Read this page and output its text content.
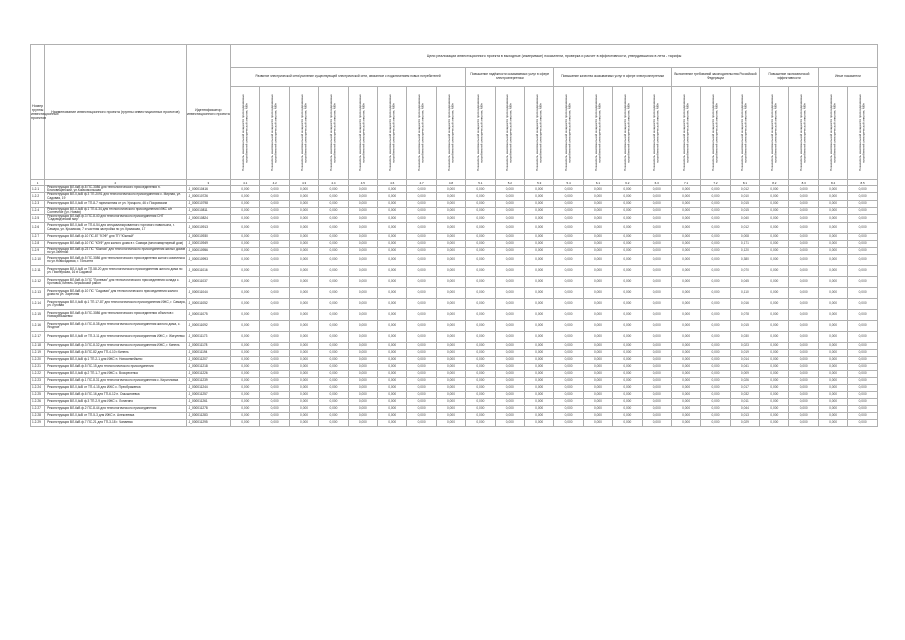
Номер группы инвестиционных проектов	Наименование инвестиционного проекта (группы инвестиционных проектов)	Идентификатор инвестиционного проекта	Цели реализации инвестиционного проекта в выходные (измеримые) показатели, проверка и расчет в эффективности, утвердившихся в лета - тарифы																					
			Развитие электрической сети/усиление существующей электрической сети, связанное с подключением новых потребителей								Повышение надёжности оказываемых услуг в сфере электроэнергетики			Повышение качества оказываемых услуг в сфере электроэнергетики				Выполнение требований законодательства Российской Федерации			Повышение экономической эффективности		Иные показатели	

			Показатель максимальной мощности присоединяемых потребителей электрической энергии, МВт	Показатель максимальной мощности присоединяемых потребителей электрической энергии, МВт	Показатель максимальной мощности присоединяемых потребителей электрической энергии, МВт	Показатель максимальной мощности присоединяемых потребителей электрической энергии, МВт	Показатель максимальной мощности присоединяемых потребителей электрической энергии, МВт	Показатель максимальной мощности присоединяемых потребителей электрической энергии, МВт	Показатель максимальной мощности присоединяемых потребителей электрической энергии, МВт	Показатель максимальной мощности присоединяемых потребителей электрической энергии, МВт	Показатель максимальной мощности присоединяемых потребителей электрической энергии, МВт	Показатель максимальной мощности присоединяемых потребителей электрической энергии, МВт	Показатель максимальной мощности присоединяемых потребителей электрической энергии, МВт	Показатель максимальной мощности присоединяемых потребителей электрической энергии, МВт	Показатель максимальной мощности присоединяемых потребителей электрической энергии, МВт	Показатель максимальной мощности присоединяемых потребителей электрической энергии, МВт	Показатель максимальной мощности присоединяемых потребителей электрической энергии, МВт	Показатель максимальной мощности присоединяемых потребителей электрической энергии, МВт	Показатель максимальной мощности присоединяемых потребителей электрической энергии, МВт	Показатель максимальной мощности присоединяемых потребителей электрической энергии, МВт	Показатель максимальной мощности присоединяемых потребителей электрической энергии, МВт	Показатель максимальной мощности присоединяемых потребителей электрической энергии, МВт	Показатель максимальной мощности присоединяемых потребителей электрической энергии, МВт	Показатель максимальной мощности присоединяемых потребителей электрической энергии, МВт

1	2	3	4.1	4.2	4.3	4.4	4.5	4.6	4.7	4.8	5.1	5.2	5.3	5.4	6.1	6.2	6.3	7.1	7.2	8.1	8.2	8.3	8.4	8.5
1.2.1	Реконструкция ВЛ-6кВ ф.8 ПС-3086 для технологического присоединения п. Благовещенский, ул.Комсомольская	J_000010416	0,000	0,000	0,000	0,000	0,000	0,000	0,000	0,000	0,000	0,000	0,000	0,000	0,000	0,000	0,000	0,000	0,000	0,012	0,000	0,000	0,000	0,000
1.2.2	Реконструкция ВЛ-0,4кВ ф.3 ТП-2091 для технологического присоединения с. Мирная, ул. Садовая, 19	J_000010726	0,000	0,000	0,000	0,000	0,000	0,000	0,000	0,000	0,000	0,000	0,000	0,000	0,000	0,000	0,000	0,000	0,000	0,010	0,000	0,000	0,000	0,000
1.2.3	Реконструкция ВЛ-0,4кВ от ТП-8-7 гарнизонная от ул. Урицкого, 46 с Покровским	J_000010798	0,000	0,000	0,000	0,000	0,000	0,000	0,000	0,000	0,000	0,000	0,000	0,000	0,000	0,000	0,000	0,000	0,000	0,015	0,000	0,000	0,000	0,000
1.2.4	Реконструкция ВЛ-0,4кВ ф.1 ТП-6-34 для технологического присоединения ИЖС с/п Солнечное (ул. Новая)	J_000010811	0,000	0,000	0,000	0,000	0,000	0,000	0,000	0,000	0,000	0,000	0,000	0,000	0,000	0,000	0,000	0,000	0,000	0,015	0,000	0,000	0,000	0,000
1.2.5	Реконструкция ВЛ-6кВ ф.3 ПС-8-40 для технологического присоединения СНТ "Садоводческий мир"	J_000010824	0,000	0,000	0,000	0,000	0,000	0,000	0,000	0,000	0,000	0,000	0,000	0,000	0,000	0,000	0,000	0,000	0,000	0,040	0,000	0,000	0,000	0,000
1.2.6	Реконструкция ВЛ-0,4кВ от ТП-6-54 для специализированного торгового павильона, г. Самара, ул. Крымская, 7 и частная застройка по ул. Крымская, 17	J_000010913	0,000	0,000	0,000	0,000	0,000	0,000	0,000	0,000	0,000	0,000	0,000	0,000	0,000	0,000	0,000	0,000	0,000	0,012	0,000	0,000	0,000	0,000
1.2.7	Реконструкция ВЛ-6кВ ф.10 ПС-87 "КЭФ" для ТП "Южный"	J_000010930	0,000	0,000	0,000	0,000	0,000	0,000	0,000	0,000	0,000	0,000	0,000	0,000	0,000	0,000	0,000	0,000	0,000	0,008	0,000	0,000	0,000	0,000
1.2.8	Реконструкция ВЛ-6кВ ф.10 ПС "КЭФ" для жилого дома в г. Самара (многоквартирный дом)	J_000010949	0,000	0,000	0,000	0,000	0,000	0,000	0,000	0,000	0,000	0,000	0,000	0,000	0,000	0,000	0,000	0,000	0,000	0,171	0,000	0,000	0,000	0,000
1.2.9	Реконструкция ВЛ-6кВ ф.23 ПС "Южная" для технологического присоединения жилых домов по ул.Зеленой	J_000010956	0,000	0,000	0,000	0,000	0,000	0,000	0,000	0,000	0,000	0,000	0,000	0,000	0,000	0,000	0,000	0,000	0,000	0,120	0,000	0,000	0,000	0,000
1.2.10	Реконструкция ВЛ-6кВ ф.5 ПС-3086 для технологического присоединения жилого комплекса по ул.Новосадовая, г. Тольятти	J_000010993	0,000	0,000	0,000	0,000	0,000	0,000	0,000	0,000	0,000	0,000	0,000	0,000	0,000	0,000	0,000	0,000	0,000	0,380	0,000	0,000	0,000	0,000
1.2.11	Реконструкция ВЛ-0,4кВ от ТП-58-20 для технологического присоединения жилого дома по ул. Пионерская, 16 в Садовой	J_000011016	0,000	0,000	0,000	0,000	0,000	0,000	0,000	0,000	0,000	0,000	0,000	0,000	0,000	0,000	0,000	0,000	0,000	0,070	0,000	0,000	0,000	0,000
1.2.12	Реконструкция ВЛ-6кВ ф.3 ПС "Полевая" для технологического присоединения склада с. Кротовка, Кинель-Черкасский район	J_000011037	0,000	0,000	0,000	0,000	0,000	0,000	0,000	0,000	0,000	0,000	0,000	0,000	0,000	0,000	0,000	0,000	0,000	0,045	0,000	0,000	0,000	0,000
1.2.13	Реконструкция ВЛ-6кВ ф.10 ПС "Садовая" для технологического присоединения жилого дома по ул. Заречная	J_000011044	0,000	0,000	0,000	0,000	0,000	0,000	0,000	0,000	0,000	0,000	0,000	0,000	0,000	0,000	0,000	0,000	0,000	0,110	0,000	0,000	0,000	0,000
1.2.14	Реконструкция ВЛ-0,4кВ ф.1 ТП-17-87 для технологического присоединения ИЖС, г. Самара, ул. Луговая	J_000011052	0,000	0,000	0,000	0,000	0,000	0,000	0,000	0,000	0,000	0,000	0,000	0,000	0,000	0,000	0,000	0,000	0,000	0,016	0,000	0,000	0,000	0,000
1.2.15	Реконструкция ВЛ-6кВ ф.8 ПС-3086 для технологического присоединения объектов г. Новокуйбышевск	J_000011075	0,000	0,000	0,000	0,000	0,000	0,000	0,000	0,000	0,000	0,000	0,000	0,000	0,000	0,000	0,000	0,000	0,000	0,078	0,000	0,000	0,000	0,000
1.2.16	Реконструкция ВЛ-6кВ ф.4 ПС-8-38 для технологического присоединения жилого дома, с. Ягодное	J_000011092	0,000	0,000	0,000	0,000	0,000	0,000	0,000	0,000	0,000	0,000	0,000	0,000	0,000	0,000	0,000	0,000	0,000	0,015	0,000	0,000	0,000	0,000
1.2.17	Реконструкция ВЛ-0,4кВ от ТП-3-11 для технологического присоединения ИЖС, г. Жигулевск	J_000011173	0,000	0,000	0,000	0,000	0,000	0,000	0,000	0,000	0,000	0,000	0,000	0,000	0,000	0,000	0,000	0,000	0,000	0,030	0,000	0,000	0,000	0,000
1.2.18	Реконструкция ВЛ-6кВ ф.3 ПС-8-32 для технологического присоединения ИЖС, г. Кинель	J_000011178	0,000	0,000	0,000	0,000	0,000	0,000	0,000	0,000	0,000	0,000	0,000	0,000	0,000	0,000	0,000	0,000	0,000	0,023	0,000	0,000	0,000	0,000
1.2.19	Реконструкция ВЛ-6кВ ф.8 ПС-82 для ТП-4-10 г.Кинель	J_000011194	0,000	0,000	0,000	0,000	0,000	0,000	0,000	0,000	0,000	0,000	0,000	0,000	0,000	0,000	0,000	0,000	0,000	0,019	0,000	0,000	0,000	0,000
1.2.20	Реконструкция ВЛ-0,4кВ ф.1 ТП-2-1 для ИЖС п. Новосемейкино	J_000011207	0,000	0,000	0,000	0,000	0,000	0,000	0,000	0,000	0,000	0,000	0,000	0,000	0,000	0,000	0,000	0,000	0,000	0,014	0,000	0,000	0,000	0,000
1.2.21	Реконструкция ВЛ-6кВ ф.5 ПС-15 для технологического присоединения	J_000011218	0,000	0,000	0,000	0,000	0,000	0,000	0,000	0,000	0,000	0,000	0,000	0,000	0,000	0,000	0,000	0,000	0,000	0,041	0,000	0,000	0,000	0,000
1.2.22	Реконструкция ВЛ-0,4кВ ф.2 ТП-1-7 для ИЖС с. Воскресенка	J_000011226	0,000	0,000	0,000	0,000	0,000	0,000	0,000	0,000	0,000	0,000	0,000	0,000	0,000	0,000	0,000	0,000	0,000	0,009	0,000	0,000	0,000	0,000
1.2.23	Реконструкция ВЛ-6кВ ф.1 ПС-8-31 для технологического присоединения с. Кирилловка	J_000011239	0,000	0,000	0,000	0,000	0,000	0,000	0,000	0,000	0,000	0,000	0,000	0,000	0,000	0,000	0,000	0,000	0,000	0,026	0,000	0,000	0,000	0,000
1.2.24	Реконструкция ВЛ-0,4кВ от ТП-4-15 для ИЖС с. Преображенка	J_000011244	0,000	0,000	0,000	0,000	0,000	0,000	0,000	0,000	0,000	0,000	0,000	0,000	0,000	0,000	0,000	0,000	0,000	0,017	0,000	0,000	0,000	0,000
1.2.25	Реконструкция ВЛ-6кВ ф.6 ПС-16 для ТП-6-12 п. Смышляевка	J_000011257	0,000	0,000	0,000	0,000	0,000	0,000	0,000	0,000	0,000	0,000	0,000	0,000	0,000	0,000	0,000	0,000	0,000	0,032	0,000	0,000	0,000	0,000
1.2.26	Реконструкция ВЛ-0,4кВ ф.3 ТП-2-9 для ИЖС с. Лопатино	J_000011261	0,000	0,000	0,000	0,000	0,000	0,000	0,000	0,000	0,000	0,000	0,000	0,000	0,000	0,000	0,000	0,000	0,000	0,011	0,000	0,000	0,000	0,000
1.2.27	Реконструкция ВЛ-6кВ ф.2 ПС-8-44 для технологического присоединения	J_000011278	0,000	0,000	0,000	0,000	0,000	0,000	0,000	0,000	0,000	0,000	0,000	0,000	0,000	0,000	0,000	0,000	0,000	0,044	0,000	0,000	0,000	0,000
1.2.28	Реконструкция ВЛ-0,4кВ от ТП-5-3 для ИЖС п. Алексеевка	J_000011283	0,000	0,000	0,000	0,000	0,000	0,000	0,000	0,000	0,000	0,000	0,000	0,000	0,000	0,000	0,000	0,000	0,000	0,013	0,000	0,000	0,000	0,000
1.2.29	Реконструкция ВЛ-6кВ ф.7 ПС-21 для ТП-3-18 г. Чапаевск	J_000011295	0,000	0,000	0,000	0,000	0,000	0,000	0,000	0,000	0,000	0,000	0,000	0,000	0,000	0,000	0,000	0,000	0,000	0,029	0,000	0,000	0,000	0,000
